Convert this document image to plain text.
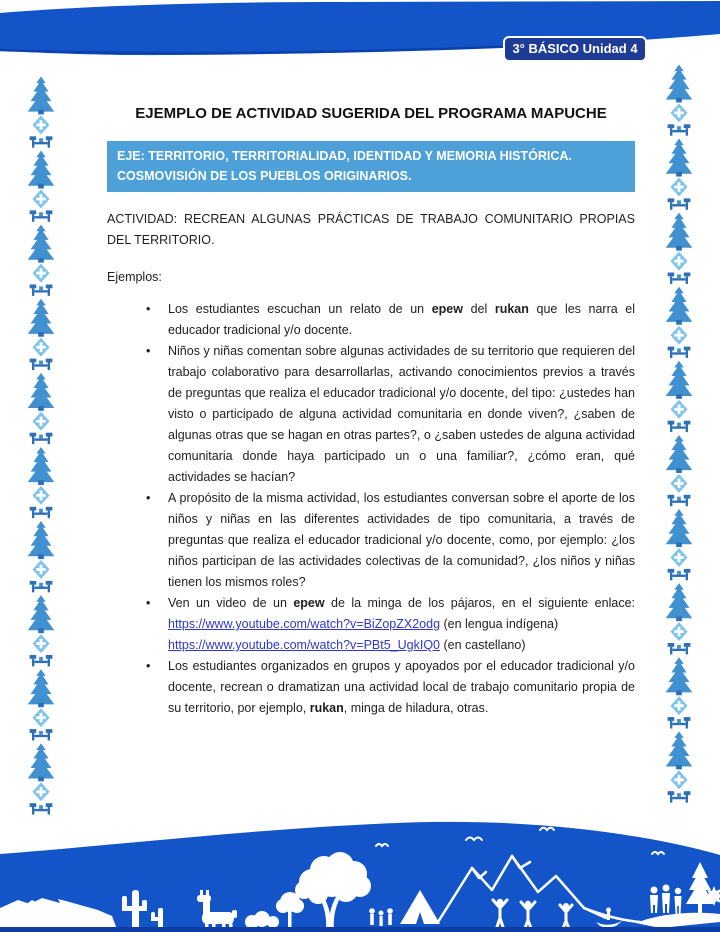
3° BÁSICO Unidad 4
EJEMPLO DE ACTIVIDAD SUGERIDA DEL PROGRAMA MAPUCHE
EJE: TERRITORIO, TERRITORIALIDAD, IDENTIDAD Y MEMORIA HISTÓRICA.
COSMOVISIÓN DE LOS PUEBLOS ORIGINARIOS.

ACTIVIDAD: RECREAN ALGUNAS PRÁCTICAS DE TRABAJO COMUNITARIO PROPIAS DEL TERRITORIO.

Ejemplos:

•	Los estudiantes escuchan un relato de un epew del rukan que les narra el educador tradicional y/o docente.
•	Niños y niñas comentan sobre algunas actividades de su territorio que requieren del trabajo colaborativo para desarrollarlas, activando conocimientos previos a través de preguntas que realiza el educador tradicional y/o docente, del tipo: ¿ustedes han visto o participado de alguna actividad comunitaria en donde viven?, ¿saben de algunas otras que se hagan en otras partes?, o ¿saben ustedes de alguna actividad comunitaria donde haya participado un o una familiar?, ¿cómo eran, qué actividades se hacían?
•	A propósito de la misma actividad, los estudiantes conversan sobre el aporte de los niños y niñas en las diferentes actividades de tipo comunitaria, a través de preguntas que realiza el educador tradicional y/o docente, como, por ejemplo: ¿los niños participan de las actividades colectivas de la comunidad?, ¿los niños y niñas tienen los mismos roles?
•	Ven un video de un epew de la minga de los pájaros, en el siguiente enlace:
https://www.youtube.com/watch?v=BiZopZX2odg (en lengua indígena)
https://www.youtube.com/watch?v=PBt5_UgkIQ0 (en castellano)
•	Los estudiantes organizados en grupos y apoyados por el educador tradicional y/o docente, recrean o dramatizan una actividad local de trabajo comunitario propia de su territorio, por ejemplo, rukan, minga de hiladura, otras.
